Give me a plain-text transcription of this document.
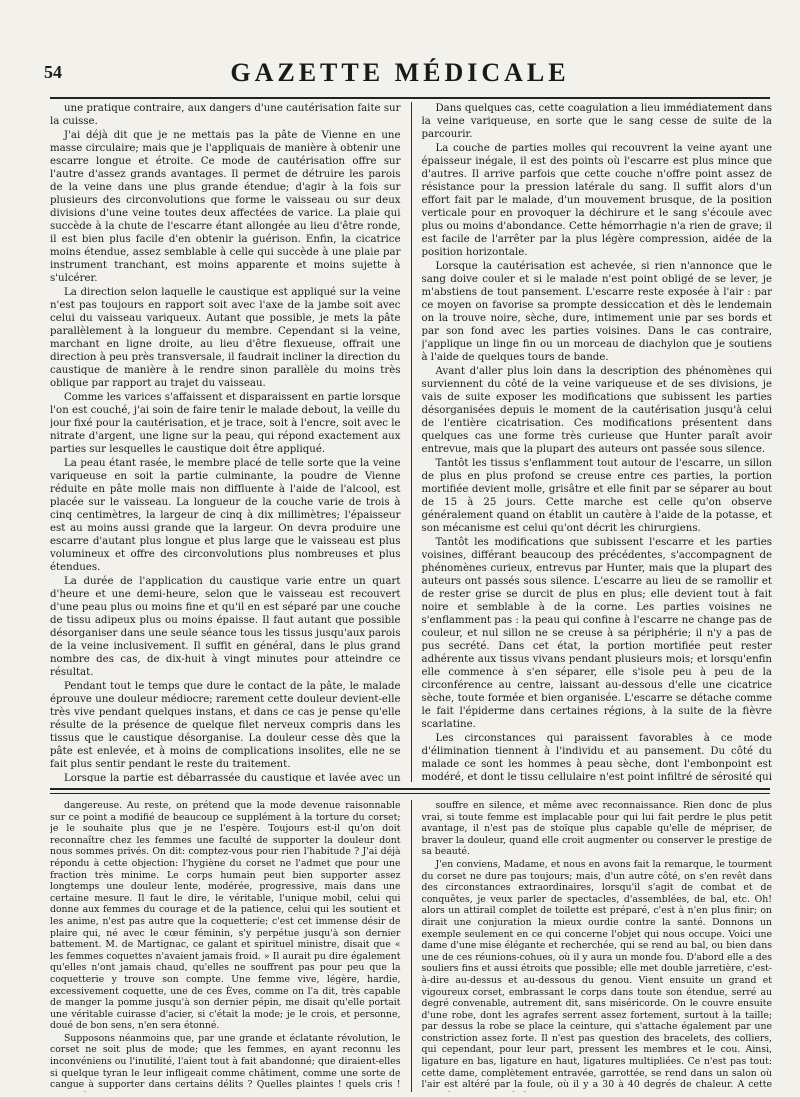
54	GAZETTE MÉDICALE

une pratique contraire, aux dangers d'une cautérisation faite sur la cuisse.

J'ai déjà dit que je ne mettais pas la pâte de Vienne en une masse circulaire; mais que je l'appliquais de manière à obtenir une escarre longue et étroite. Ce mode de cautérisation offre sur l'autre d'assez grands avantages. Il permet de détruire les parois de la veine dans une plus grande étendue; d'agir à la fois sur plusieurs des circonvolutions que forme le vaisseau ou sur deux divisions d'une veine toutes deux affectées de varice. La plaie qui succède à la chute de l'escarre étant allongée au lieu d'être ronde, il est bien plus facile d'en obtenir la guérison. Enfin, la cicatrice moins étendue, assez semblable à celle qui succède à une plaie par instrument tranchant, est moins apparente et moins sujette à s'ulcérer.

La direction selon laquelle le caustique est appliqué sur la veine n'est pas toujours en rapport soit avec l'axe de la jambe soit avec celui du vaisseau variqueux. Autant que possible, je mets la pâte parallèlement à la longueur du membre. Cependant si la veine, marchant en ligne droite, au lieu d'être flexueuse, offrait une direction à peu près transversale, il faudrait incliner la direction du caustique de manière à le rendre sinon parallèle du moins très oblique par rapport au trajet du vaisseau.

Comme les varices s'affaissent et disparaissent en partie lorsque l'on est couché, j'ai soin de faire tenir le malade debout, la veille du jour fixé pour la cautérisation, et je trace, soit à l'encre, soit avec le nitrate d'argent, une ligne sur la peau, qui répond exactement aux parties sur lesquelles le caustique doit être appliqué.

La peau étant rasée, le membre placé de telle sorte que la veine variqueuse en soit la partie culminante, la poudre de Vienne réduite en pâte molle mais non diffluente à l'aide de l'alcool, est placée sur le vaisseau. La longueur de la couche varie de trois à cinq centimètres, la largeur de cinq à dix millimètres; l'épaisseur est au moins aussi grande que la largeur. On devra produire une escarre d'autant plus longue et plus large que le vaisseau est plus volumineux et offre des circonvolutions plus nombreuses et plus étendues.

La durée de l'application du caustique varie entre un quart d'heure et une demi-heure, selon que le vaisseau est recouvert d'une peau plus ou moins fine et qu'il en est séparé par une couche de tissu adipeux plus ou moins épaisse. Il faut autant que possible désorganiser dans une seule séance tous les tissus jusqu'aux parois de la veine inclusivement. Il suffit en général, dans le plus grand nombre des cas, de dix-huit à vingt minutes pour atteindre ce résultat.

Pendant tout le temps que dure le contact de la pâte, le malade éprouve une douleur médiocre; rarement cette douleur devient-elle très vive pendant quelques instans, et dans ce cas je pense qu'elle résulte de la présence de quelque filet nerveux compris dans les tissus que le caustique désorganise. La douleur cesse dès que la pâte est enlevée, et à moins de complications insolites, elle ne se fait plus sentir pendant le reste du traitement.

Lorsque la partie est débarrassée du caustique et lavée avec un

Dans quelques cas, cette coagulation a lieu immédiatement dans la veine variqueuse, en sorte que le sang cesse de suite de la parcourir.

La couche de parties molles qui recouvrent la veine ayant une épaisseur inégale, il est des points où l'escarre est plus mince que d'autres. Il arrive parfois que cette couche n'offre point assez de résistance pour la pression latérale du sang. Il suffit alors d'un effort fait par le malade, d'un mouvement brusque, de la position verticale pour en provoquer la déchirure et le sang s'écoule avec plus ou moins d'abondance. Cette hémorrhagie n'a rien de grave; il est facile de l'arrêter par la plus légère compression, aidée de la position horizontale.

Lorsque la cautérisation est achevée, si rien n'annonce que le sang doive couler et si le malade n'est point obligé de se lever, je m'abstiens de tout pansement. L'escarre reste exposée à l'air : par ce moyen on favorise sa prompte dessiccation et dès le lendemain on la trouve noire, sèche, dure, intimement unie par ses bords et par son fond avec les parties voisines. Dans le cas contraire, j'applique un linge fin ou un morceau de diachylon que je soutiens à l'aide de quelques tours de bande.

Avant d'aller plus loin dans la description des phénomènes qui surviennent du côté de la veine variqueuse et de ses divisions, je vais de suite exposer les modifications que subissent les parties désorganisées depuis le moment de la cautérisation jusqu'à celui de l'entière cicatrisation. Ces modifications présentent dans quelques cas une forme très curieuse que Hunter paraît avoir entrevue, mais que la plupart des auteurs ont passée sous silence.

Tantôt les tissus s'enflamment tout autour de l'escarre, un sillon de plus en plus profond se creuse entre ces parties, la portion mortifiée devient molle, grisâtre et elle finit par se séparer au bout de 15 à 25 jours. Cette marche est celle qu'on observe généralement quand on établit un cautère à l'aide de la potasse, et son mécanisme est celui qu'ont décrit les chirurgiens.

Tantôt les modifications que subissent l'escarre et les parties voisines, différant beaucoup des précédentes, s'accompagnent de phénomènes curieux, entrevus par Hunter, mais que la plupart des auteurs ont passés sous silence. L'escarre au lieu de se ramollir et de rester grise se durcit de plus en plus; elle devient tout à fait noire et semblable à de la corne. Les parties voisines ne s'enflamment pas : la peau qui confine à l'escarre ne change pas de couleur, et nul sillon ne se creuse à sa périphérie; il n'y a pas de pus secrété. Dans cet état, la portion mortifiée peut rester adhérente aux tissus vivans pendant plusieurs mois; et lorsqu'enfin elle commence à s'en séparer, elle s'isole peu à peu de la circonférence au centre, laissant au-dessous d'elle une cicatrice sèche, toute formée et bien organisée. L'escarre se détache comme le fait l'épiderme dans certaines régions, à la suite de la fièvre scarlatine.

Les circonstances qui paraissent favorables à ce mode d'élimination tiennent à l'individu et au pansement. Du côté du malade ce sont les hommes à peau sèche, dont l'embonpoint est modéré, et dont le tissu cellulaire n'est point infiltré de sérosité qui

dangereuse. Au reste, on prétend que la mode devenue raisonnable sur ce point a modifié de beaucoup ce supplément à la torture du corset; je le souhaite plus que je ne l'espère. Toujours est-il qu'on doit reconnaître chez les femmes une faculté de supporter la douleur dont nous sommes privés. On dit: comptez-vous pour rien l'habitude ? J'ai déjà répondu à cette objection: l'hygiène du corset ne l'admet que pour une fraction très minime. Le corps humain peut bien supporter assez longtemps une douleur lente, modérée, progressive, mais dans une certaine mesure. Il faut le dire, le véritable, l'unique mobil, celui qui donne aux femmes du courage et de la patience, celui qui les soutient et les anime, n'est pas autre que la coquetterie; c'est cet immense désir de plaire qui, né avec le cœur féminin, s'y perpétue jusqu'à son dernier battement. M. de Martignac, ce galant et spirituel ministre, disait que « les femmes coquettes n'avaient jamais froid. » Il aurait pu dire également qu'elles n'ont jamais chaud, qu'elles ne souffrent pas pour peu que la coquetterie y trouve son compte. Une femme vive, légère, hardie, excessivement coquette, une de ces Èves, comme on l'a dit, très capable de manger la pomme jusqu'à son dernier pépin, me disait qu'elle portait une véritable cuirasse d'acier, si c'était la mode; je le crois, et personne, doué de bon sens, n'en sera étonné.

Supposons néanmoins que, par une grande et éclatante révolution, le corset ne soit plus de mode; que les femmes, en ayant reconnu les inconvéniens ou l'inutilité, l'aient tout à fait abandonné; que diraient-elles si quelque tyran le leur infligeait comme châtiment, comme une sorte de cangue à supporter dans certains délits ? Quelles plaintes ! quels cris !

souffre en silence, et même avec reconnaissance. Rien donc de plus vrai, si toute femme est implacable pour qui lui fait perdre le plus petit avantage, il n'est pas de stoïque plus capable qu'elle de mépriser, de braver la douleur, quand elle croit augmenter ou conserver le prestige de sa beauté.

J'en conviens, Madame, et nous en avons fait la remarque, le tourment du corset ne dure pas toujours; mais, d'un autre côté, on s'en revêt dans des circonstances extraordinaires, lorsqu'il s'agit de combat et de conquêtes, je veux parler de spectacles, d'assemblées, de bal, etc. Oh! alors un attirail complet de toilette est préparé, c'est à n'en plus finir; on dirait une conjuration la mieux ourdie contre la santé. Donnons un exemple seulement en ce qui concerne l'objet qui nous occupe. Voici une dame d'une mise élégante et recherchée, qui se rend au bal, ou bien dans une de ces réunions-cohues, où il y aura un monde fou. D'abord elle a des souliers fins et aussi étroits que possible; elle met double jarretière, c'est-à-dire au-dessus et au-dessous du genou. Vient ensuite un grand et vigoureux corset, embrassant le corps dans toute son étendue, serré au degré convenable, autrement dit, sans miséricorde. On le couvre ensuite d'une robe, dont les agrafes serrent assez fortement, surtout à la taille; par dessus la robe se place la ceinture, qui s'attache également par une constriction assez forte. Il n'est pas question des bracelets, des colliers, qui cependant, pour leur part, pressent les membres et le cou. Ainsi, ligature en bas, ligature en haut, ligatures multipliées. Ce n'est pas tout: cette dame, complètement entravée, garrottée, se rend dans un salon où l'air est altéré par la foule, où il y a 30 à 40 degrés de chaleur. A cette
